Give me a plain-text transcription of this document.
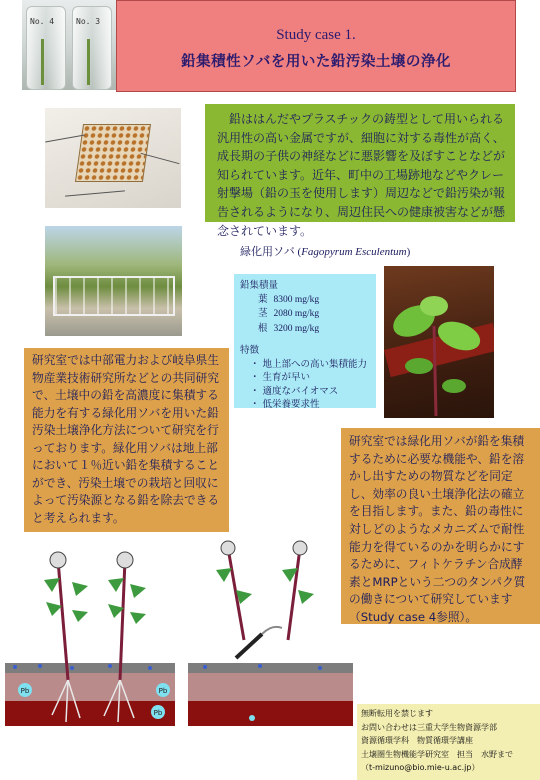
No. 4	No. 3
Study case 1.
鉛集積性ソバを用いた鉛汚染土壌の浄化
　鉛ははんだやプラスチックの鋳型として用いられる汎用性の高い金属ですが、細胞に対する毒性が高く、成長期の子供の神経などに悪影響を及ぼすことなどが知られています。近年、町中の工場跡地などやクレー射撃場（鉛の玉を使用します）周辺などで鉛汚染が報告されるようになり、周辺住民への健康被害などが懸念されています。
緑化用ソバ (Fagopyrum Esculentum)
鉛集積量
葉 8300 mg/kg
茎 2080 mg/kg
根 3200 mg/kg
特徴
・ 地上部への高い集積能力
・ 生育が早い
・ 適度なバイオマス
・ 低栄養要求性
研究室では中部電力および岐阜県生物産業技術研究所などとの共同研究で、土壌中の鉛を高濃度に集積する能力を有する緑化用ソバを用いた鉛汚染土壌浄化方法について研究を行っております。緑化用ソバは地上部において１％近い鉛を集積することができ、汚染土壌での栽培と回収によって汚染源となる鉛を除去できると考えられます。
研究室では緑化用ソバが鉛を集積するために必要な機能や、鉛を溶かし出すための物質などを同定し、効率の良い土壌浄化法の確立を目指します。また、鉛の毒性に対しどのようなメカニズムで耐性能力を得ているのかを明らかにするために、フィトケラチン合成酵素とMRPという二つのタンパク質の働きについて研究しています（Study case 4参照）。
Pb	Pb
Pb	無断転用を禁じます
お問い合わせは三重大学生物資源学部
資源循環学科　物質循環学講座
土壌圏生物機能学研究室　担当　水野まで
（t-mizuno@bio.mie-u.ac.jp）
